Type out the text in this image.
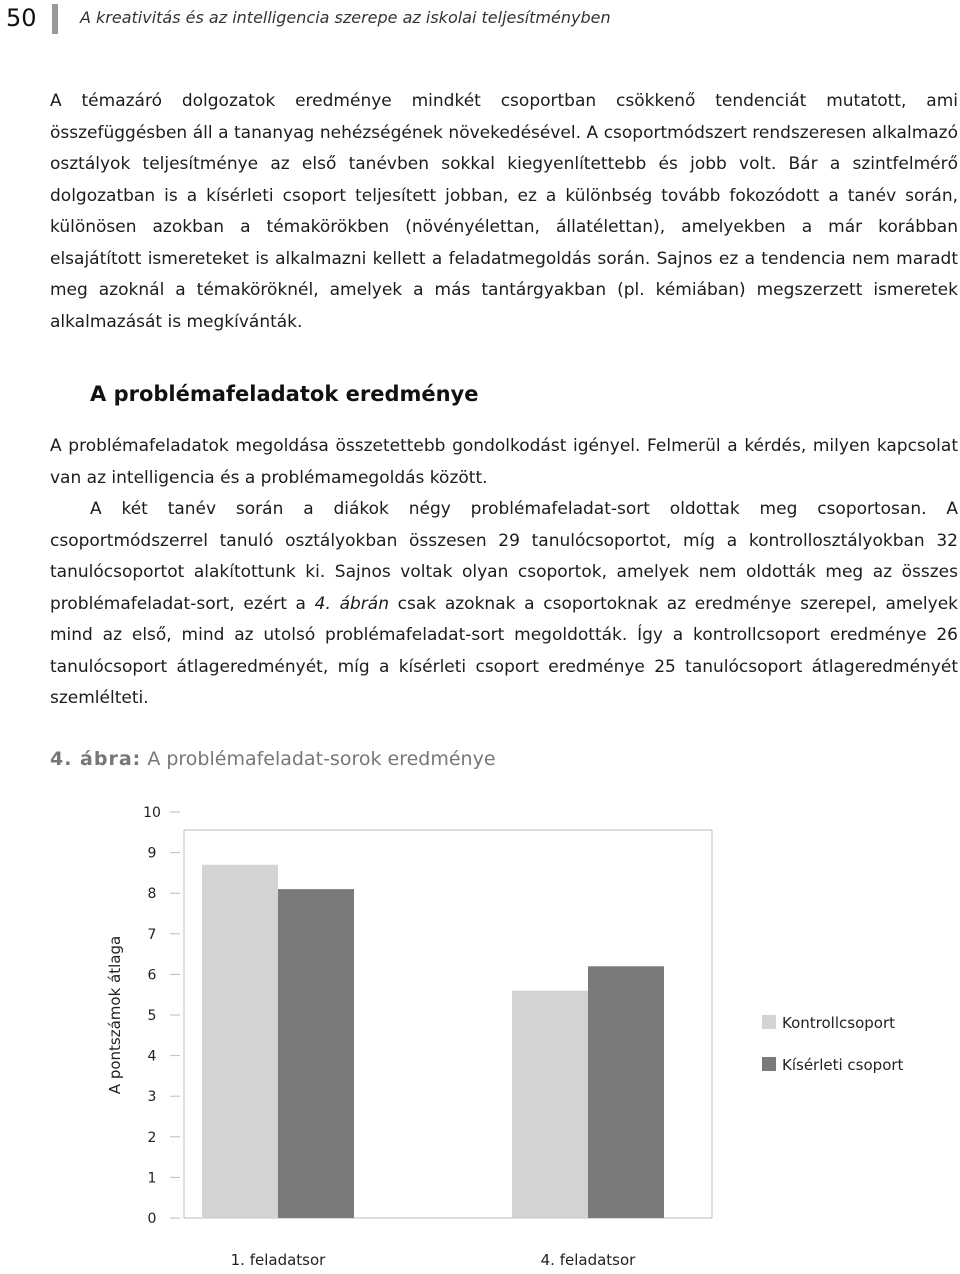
50	A kreativitás és az intelligencia szerepe az iskolai teljesítményben

A témazáró dolgozatok eredménye mindkét csoportban csökkenő tendenciát mutatott, ami összefüggésben áll a tananyag nehézségének növekedésével. A csoportmódszert rendszeresen alkalmazó osztályok teljesítménye az első tanévben sokkal kiegyenlítettebb és jobb volt. Bár a szintfelmérő dolgozatban is a kísérleti csoport teljesített jobban, ez a különbség tovább fokozódott a tanév során, különösen azokban a témakörökben (növényélettan, állatélettan), amelyekben a már korábban elsajátított ismereteket is alkalmazni kellett a feladatmegoldás során. Sajnos ez a tendencia nem maradt meg azoknál a témaköröknél, amelyek a más tantárgyakban (pl. kémiában) megszerzett ismeretek alkalmazását is megkívánták.

A problémafeladatok eredménye

A problémafeladatok megoldása összetettebb gondolkodást igényel. Felmerül a kérdés, milyen kapcsolat van az intelligencia és a problémamegoldás között.

A két tanév során a diákok négy problémafeladat-sort oldottak meg csoportosan. A csoportmódszerrel tanuló osztályokban összesen 29 tanulócsoportot, míg a kontrollosztályokban 32 tanulócsoportot alakítottunk ki. Sajnos voltak olyan csoportok, amelyek nem oldották meg az összes problémafeladat-sort, ezért a 4. ábrán csak azoknak a csoportoknak az eredménye szerepel, amelyek mind az első, mind az utolsó problémafeladat-sort megoldották. Így a kontrollcsoport eredménye 26 tanulócsoport átlageredményét, míg a kísérleti csoport eredménye 25 tanulócsoport átlageredményét szemlélteti.

4. ábra: A problémafeladat-sorok eredménye

0
1
2
3
4
5
6
7
8
9
10
A pontszámok átlaga
1. feladatsor	4. feladatsor
Kontrollcsoport
Kísérleti csoport
